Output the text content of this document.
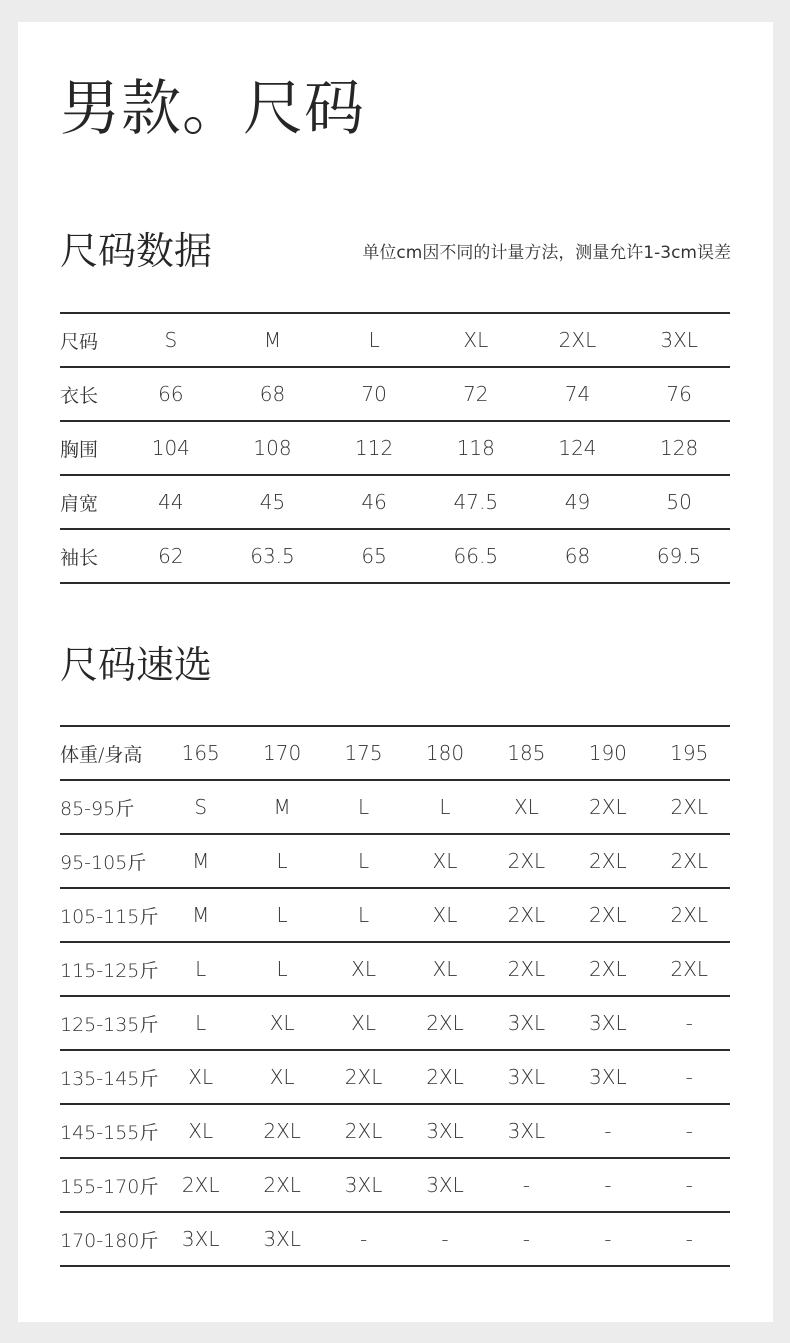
男款。尺码
尺码数据	单位cm因不同的计量方法，测量允许1-3cm误差
尺码	S	M	L	XL	2XL	3XL
衣长	66	68	70	72	74	76
胸围	104	108	112	118	124	128
肩宽	44	45	46	47.5	49	50
袖长	62	63.5	65	66.5	68	69.5
尺码速选
体重/身高	165	170	175	180	185	190	195
85-95斤	S	M	L	L	XL	2XL	2XL
95-105斤	M	L	L	XL	2XL	2XL	2XL
105-115斤	M	L	L	XL	2XL	2XL	2XL
115-125斤	L	L	XL	XL	2XL	2XL	2XL
125-135斤	L	XL	XL	2XL	3XL	3XL	-
135-145斤	XL	XL	2XL	2XL	3XL	3XL	-
145-155斤	XL	2XL	2XL	3XL	3XL	-	-
155-170斤	2XL	2XL	3XL	3XL	-	-	-
170-180斤	3XL	3XL	-	-	-	-	-
